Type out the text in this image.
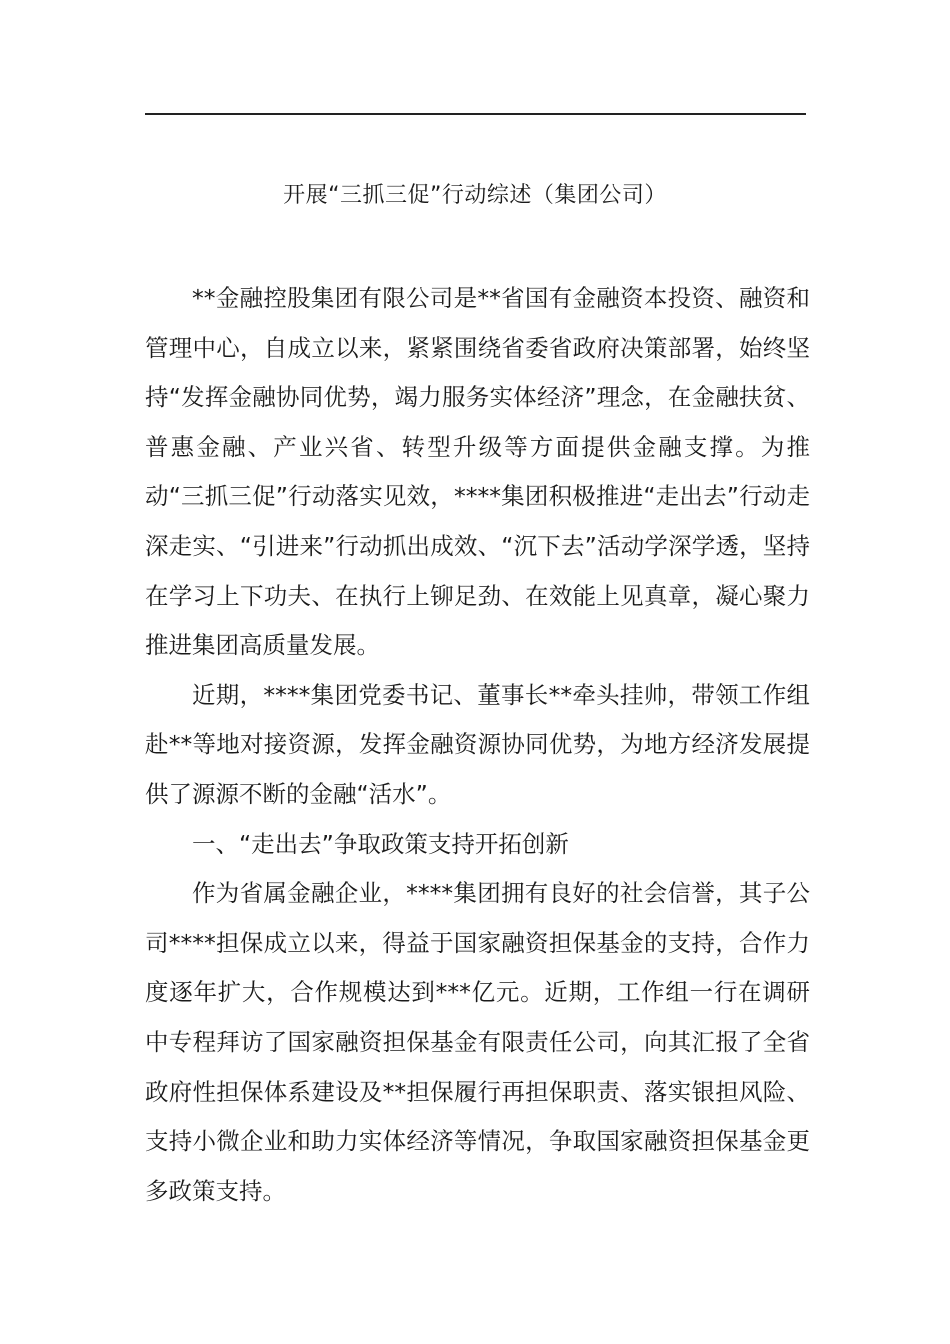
开展“三抓三促”行动综述（集团公司）

**金融控股集团有限公司是**省国有金融资本投资、融资和管理中心，自成立以来，紧紧围绕省委省政府决策部署，始终坚持“发挥金融协同优势，竭力服务实体经济”理念，在金融扶贫、普惠金融、产业兴省、转型升级等方面提供金融支撑。为推动“三抓三促”行动落实见效，****集团积极推进“走出去”行动走深走实、“引进来”行动抓出成效、“沉下去”活动学深学透，坚持在学习上下功夫、在执行上铆足劲、在效能上见真章，凝心聚力推进集团高质量发展。

近期，****集团党委书记、董事长**牵头挂帅，带领工作组赴**等地对接资源，发挥金融资源协同优势，为地方经济发展提供了源源不断的金融“活水”。

一、“走出去”争取政策支持开拓创新

作为省属金融企业，****集团拥有良好的社会信誉，其子公司****担保成立以来，得益于国家融资担保基金的支持，合作力度逐年扩大，合作规模达到***亿元。近期，工作组一行在调研中专程拜访了国家融资担保基金有限责任公司，向其汇报了全省政府性担保体系建设及**担保履行再担保职责、落实银担风险、支持小微企业和助力实体经济等情况，争取国家融资担保基金更多政策支持。
